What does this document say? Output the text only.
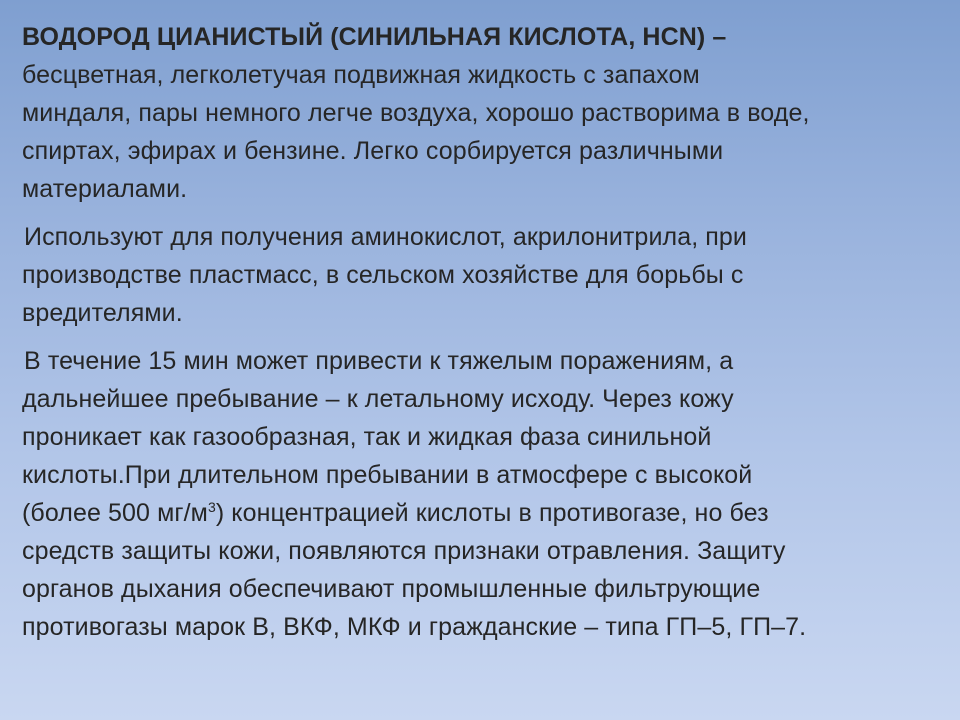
ВОДОРОД ЦИАНИСТЫЙ (СИНИЛЬНАЯ КИСЛОТА, HCN) –
бесцветная, легколетучая подвижная жидкость с запахом
миндаля, пары немного легче воздуха, хорошо растворима в воде,
спиртах, эфирах и бензине. Легко сорбируется различными
материалами.

Используют для получения аминокислот, акрилонитрила, при
производстве пластмасс, в сельском хозяйстве для борьбы с
вредителями.

В течение 15 мин может привести к тяжелым поражениям, а
дальнейшее пребывание – к летальному исходу. Через кожу
проникает как газообразная, так и жидкая фаза синильной
кислоты.При длительном пребывании в атмосфере с высокой
(более 500 $мг/м^3$) концентрацией кислоты в противогазе, но без
средств защиты кожи, появляются признаки отравления. Защиту
органов дыхания обеспечивают промышленные фильтрующие
противогазы марок В, ВКФ, МКФ и гражданские – типа ГП–5, ГП–7.
